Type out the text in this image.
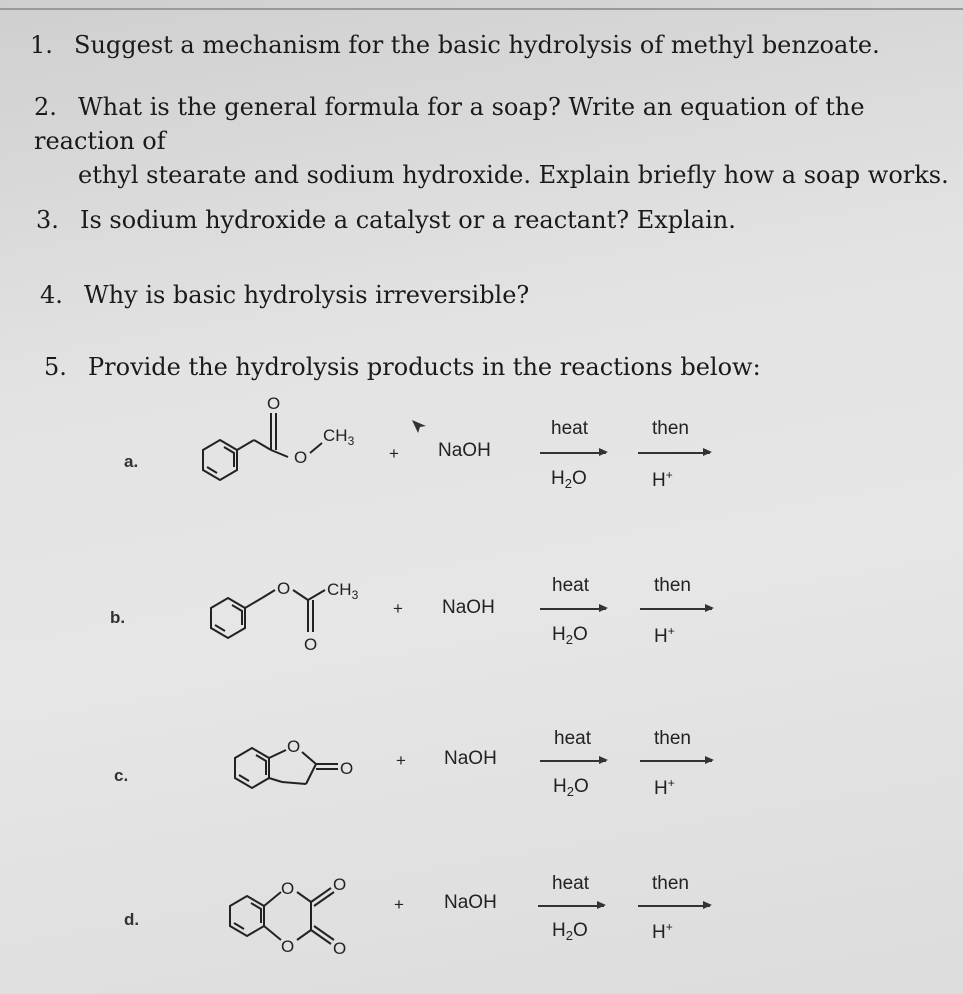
1. Suggest a mechanism for the basic hydrolysis of methyl benzoate.
2. What is the general formula for a soap? Write an equation of the reaction of
ethyl stearate and sodium hydroxide. Explain briefly how a soap works.
3. Is sodium hydroxide a catalyst or a reactant? Explain.
4. Why is basic hydrolysis irreversible?
5. Provide the hydrolysis products in the reactions below:
a.
O
O
$CH_3$
+ NaOH
heat
$H_2O$
then
H+
b.
O
O
$CH_3$
+ NaOH
heat
$H_2O$
then
H+
c.
O
O	+ NaOH
heat
$H_2O$
then
H+
d.
O O
O O
+ NaOH
heat
$H_2O$
then
H+
